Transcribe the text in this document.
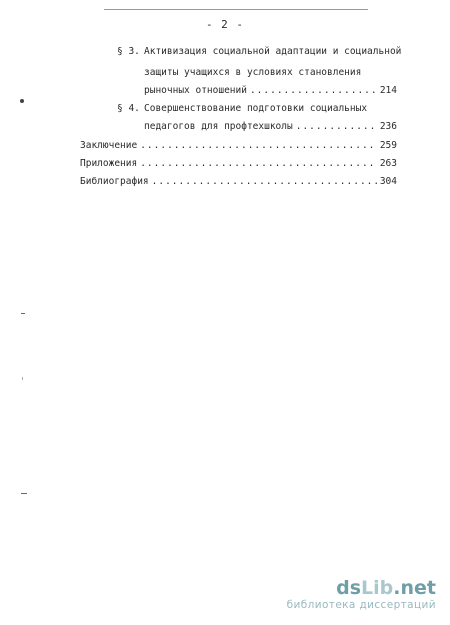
- 2 -
§ 3. Активизация социальной адаптации и социальной
защиты учащихся в условиях становления
рыночных отношений .....	214
§ 4. Совершенствование подготовки социальных
педагогов для профтехшколы .....	236
Заключение .....	259
Приложения .....	263
Библиография .....	304
dsLib.net
библиотека диссертаций
